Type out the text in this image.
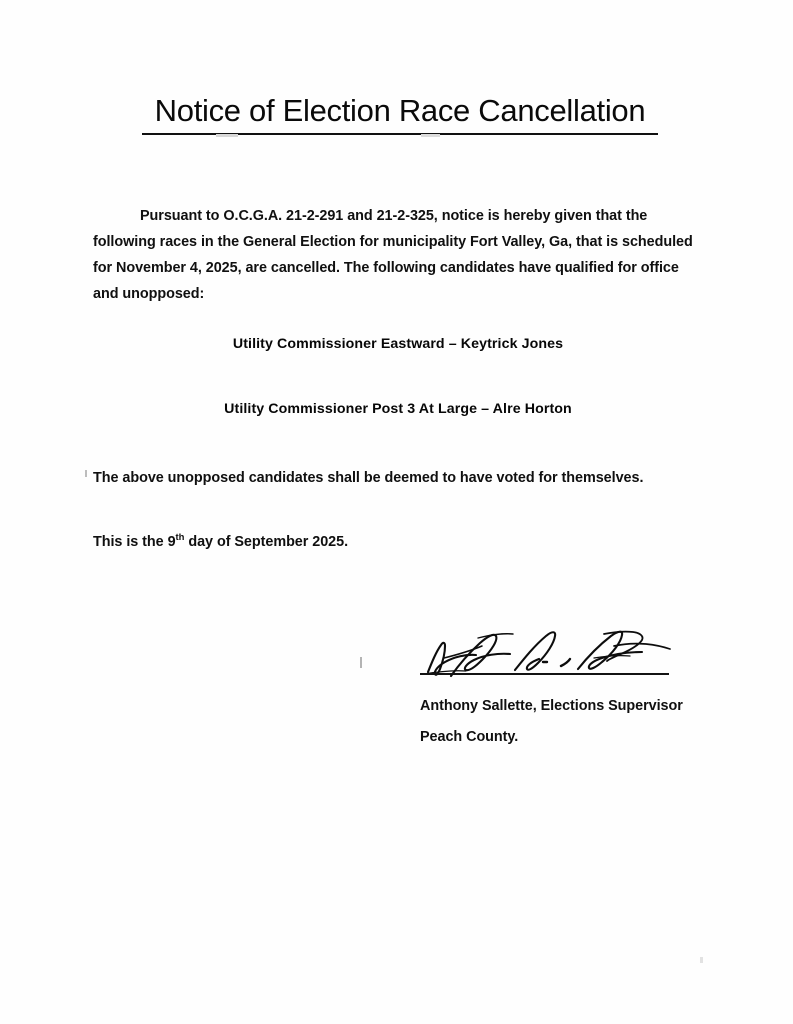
Notice of Election Race Cancellation
Pursuant to O.C.G.A. 21-2-291 and 21-2-325, notice is hereby given that the following races in the General Election for municipality Fort Valley, Ga, that is scheduled for November 4, 2025, are cancelled. The following candidates have qualified for office and unopposed:
Utility Commissioner Eastward – Keytrick Jones
Utility Commissioner Post 3 At Large – Alre Horton
The above unopposed candidates shall be deemed to have voted for themselves.
This is the 9th day of September 2025.
Anthony Sallette, Elections Supervisor
Peach County.
